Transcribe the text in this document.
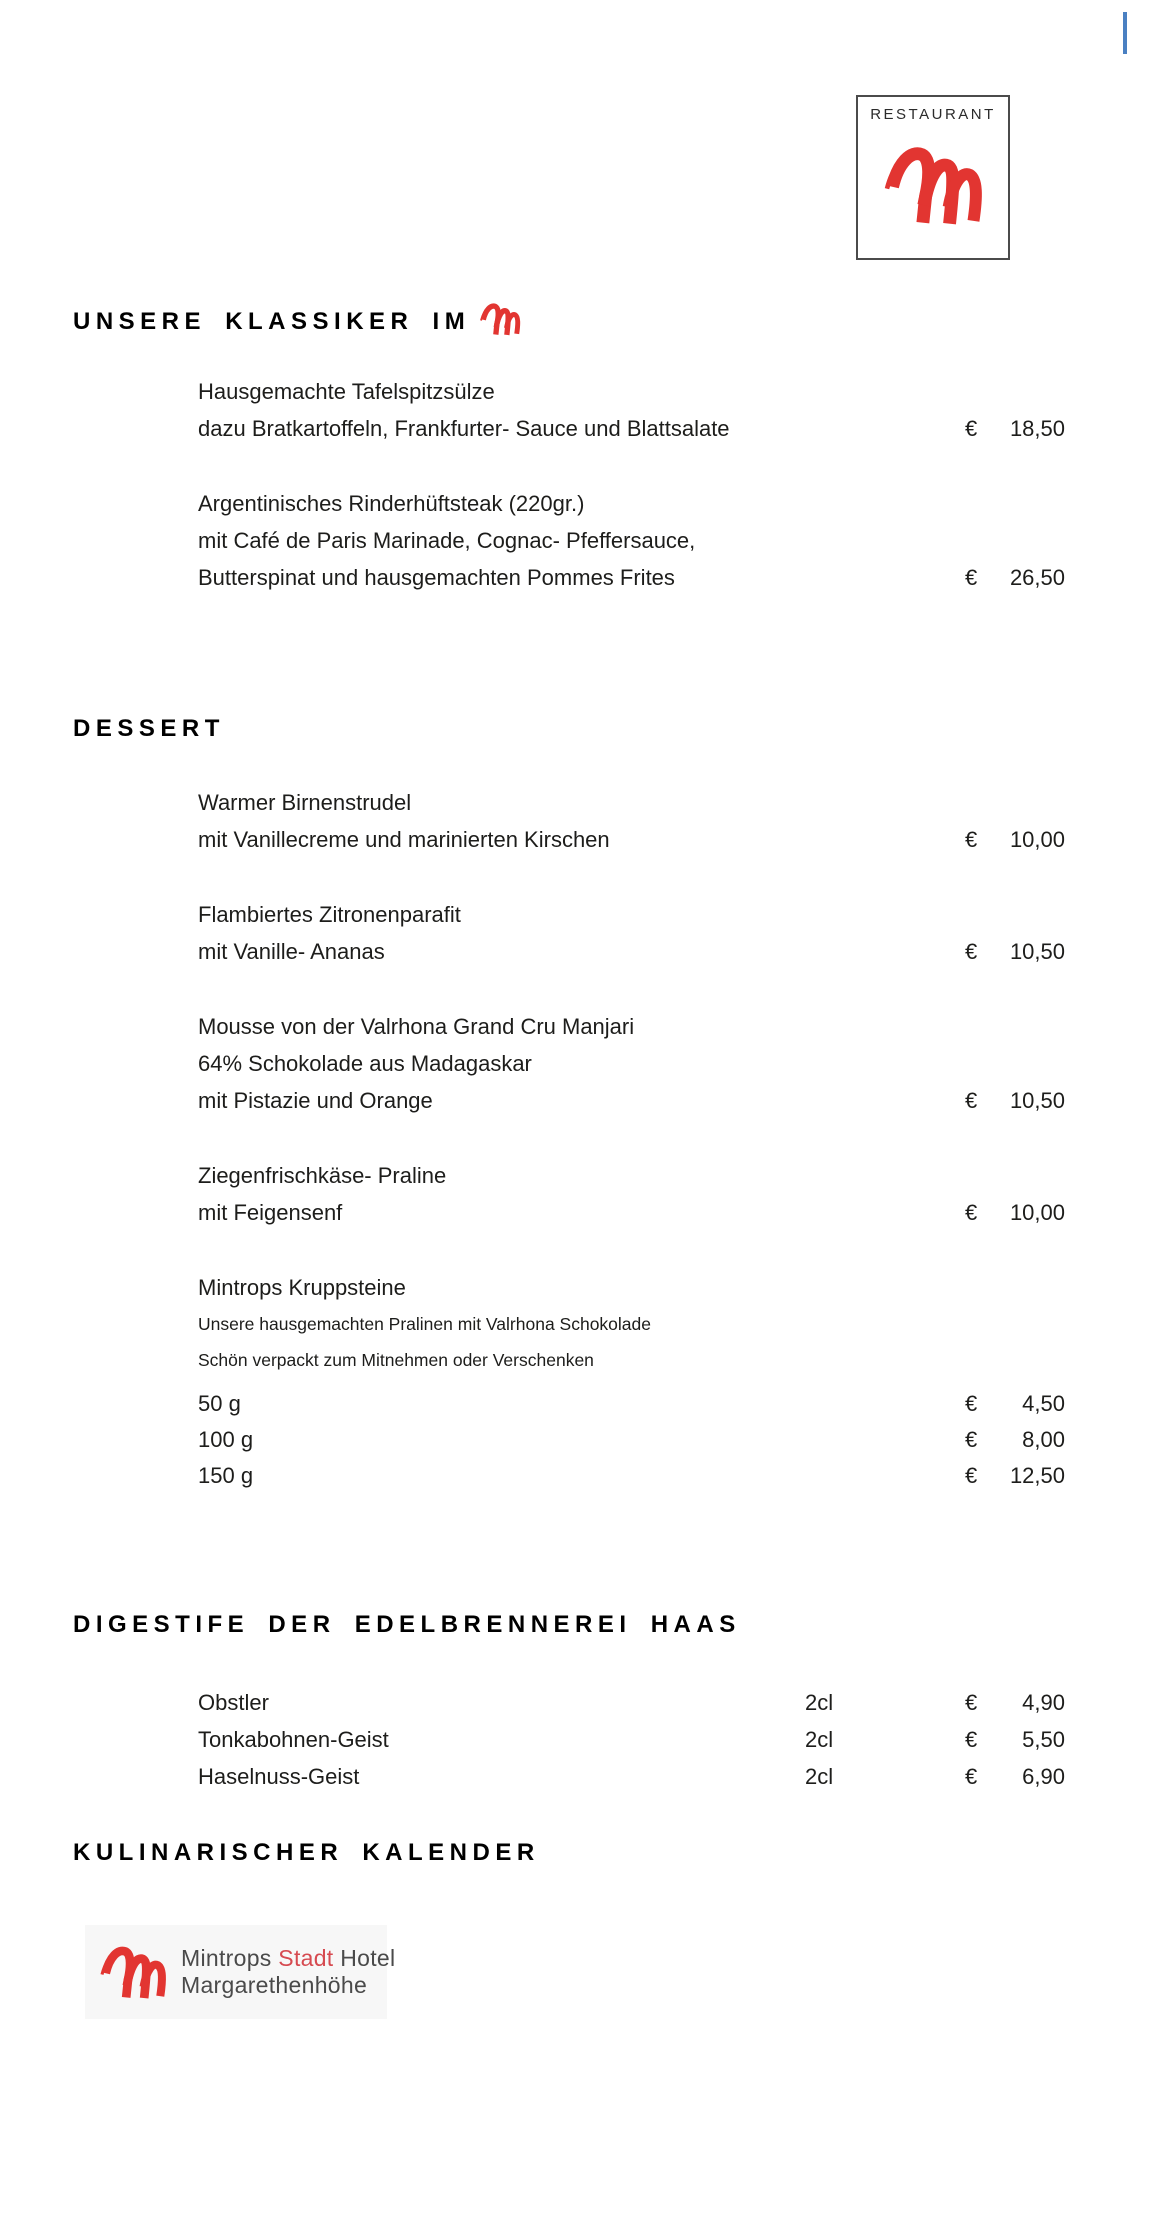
RESTAURANT
UNSERE KLASSIKER IM
Hausgemachte Tafelspitzsülze
dazu Bratkartoffeln, Frankfurter- Sauce und Blattsalate	€ 18,50
Argentinisches Rinderhüftsteak (220gr.)
mit Café de Paris Marinade, Cognac- Pfeffersauce,
Butterspinat und hausgemachten Pommes Frites	€ 26,50
DESSERT
Warmer Birnenstrudel
mit Vanillecreme und marinierten Kirschen	€ 10,00
Flambiertes Zitronenparafit
mit Vanille- Ananas	€ 10,50
Mousse von der Valrhona Grand Cru Manjari
64% Schokolade aus Madagaskar
mit Pistazie und Orange	€ 10,50
Ziegenfrischkäse- Praline
mit Feigensenf	€ 10,00
Mintrops Kruppsteine
Unsere hausgemachten Pralinen mit Valrhona Schokolade
Schön verpackt zum Mitnehmen oder Verschenken
50 g	€ 4,50
100 g	€ 8,00
150 g	€ 12,50
DIGESTIFE DER EDELBRENNEREI HAAS
Obstler	2cl	€ 4,90
Tonkabohnen-Geist	2cl	€ 5,50
Haselnuss-Geist	2cl	€ 6,90
KULINARISCHER KALENDER
Mintrops Stadt Hotel
Margarethenhöhe
